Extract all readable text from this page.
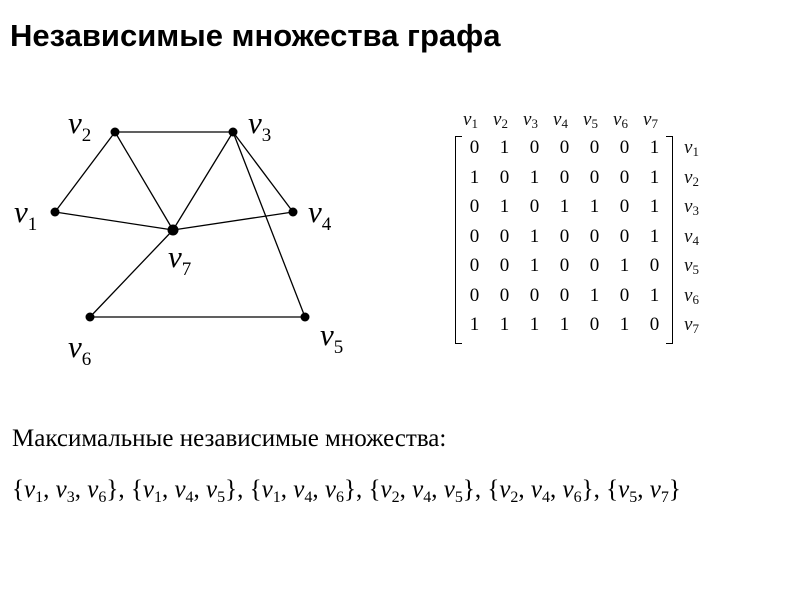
Независимые множества графа
$v_1$
$v_2$	$v_3$
$v_4$
$v_5$
$v_6$
$v_7$
v1 v2 v3 v4 v5 v6 v7
0	1	0	0	0	0	1	v1
1	0	1	0	0	0	1	v2
0	1	0	1	1	0	1	v3
0	0	1	0	0	0	1	v4
0	0	1	0	0	1	0	v5
0	0	0	0	1	0	1	v6
1	1	1	1	0	1	0	v7
Максимальные независимые множества:
{$v_1$, $v_3$, $v_6$}, {$v_1$, $v_4$, $v_5$}, {$v_1$, $v_4$, $v_6$}, {$v_2$, $v_4$, $v_5$}, {$v_2$, $v_4$, $v_6$}, {$v_5$, $v_7$}
